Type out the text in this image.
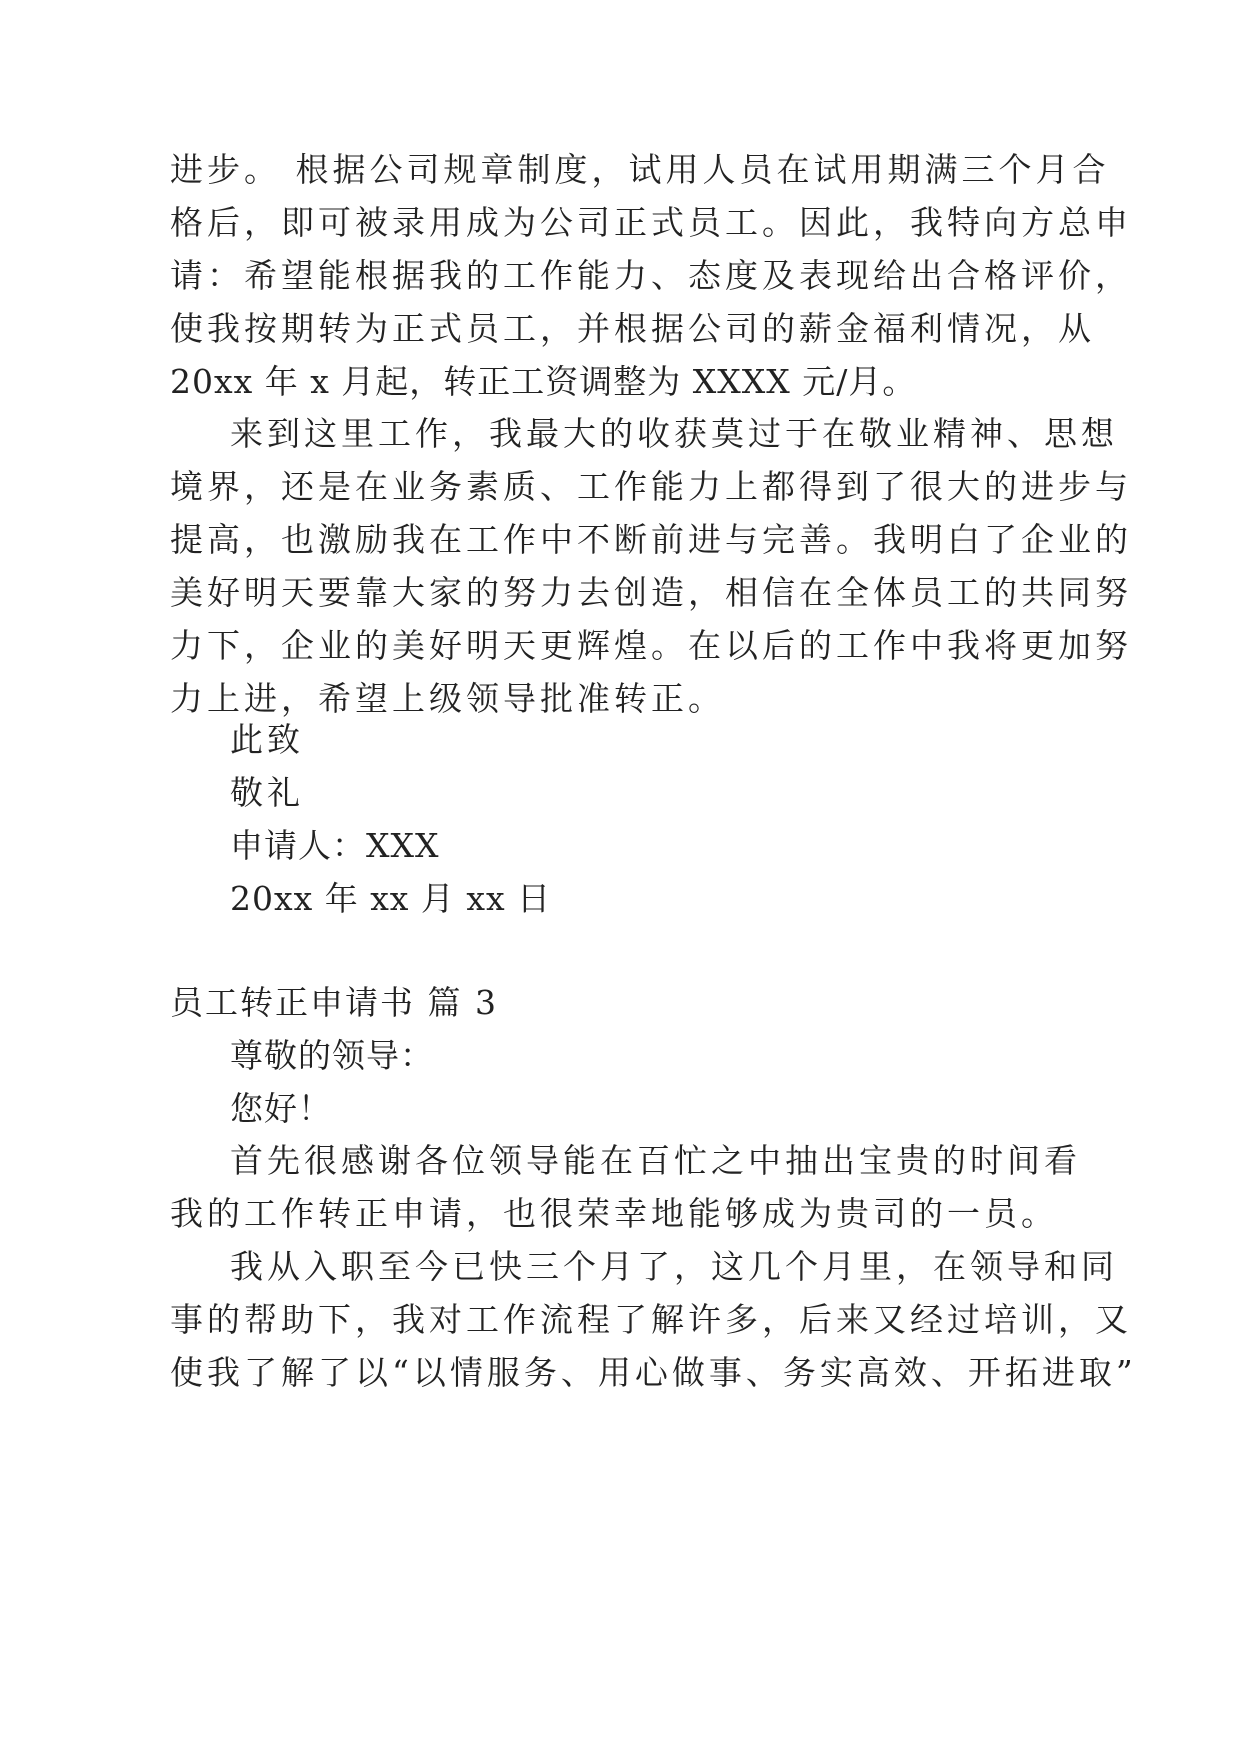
进步。 根据公司规章制度，试用人员在试用期满三个月合

格后，即可被录用成为公司正式员工。因此，我特向方总申

请：希望能根据我的工作能力、态度及表现给出合格评价，

使我按期转为正式员工，并根据公司的薪金福利情况，从

20xx 年 x 月起，转正工资调整为 XXXX 元/月。

来到这里工作，我最大的收获莫过于在敬业精神、思想

境界，还是在业务素质、工作能力上都得到了很大的进步与

提高，也激励我在工作中不断前进与完善。我明白了企业的

美好明天要靠大家的努力去创造，相信在全体员工的共同努

力下，企业的美好明天更辉煌。在以后的工作中我将更加努

力上进，希望上级领导批准转正。

此致

敬礼

申请人：XXX

20xx 年 xx 月 xx 日

员工转正申请书 篇 3

尊敬的领导：

您好！

首先很感谢各位领导能在百忙之中抽出宝贵的时间看

我的工作转正申请，也很荣幸地能够成为贵司的一员。

我从入职至今已快三个月了，这几个月里，在领导和同

事的帮助下，我对工作流程了解许多，后来又经过培训，又

使我了解了以“以情服务、用心做事、务实高效、开拓进取”
